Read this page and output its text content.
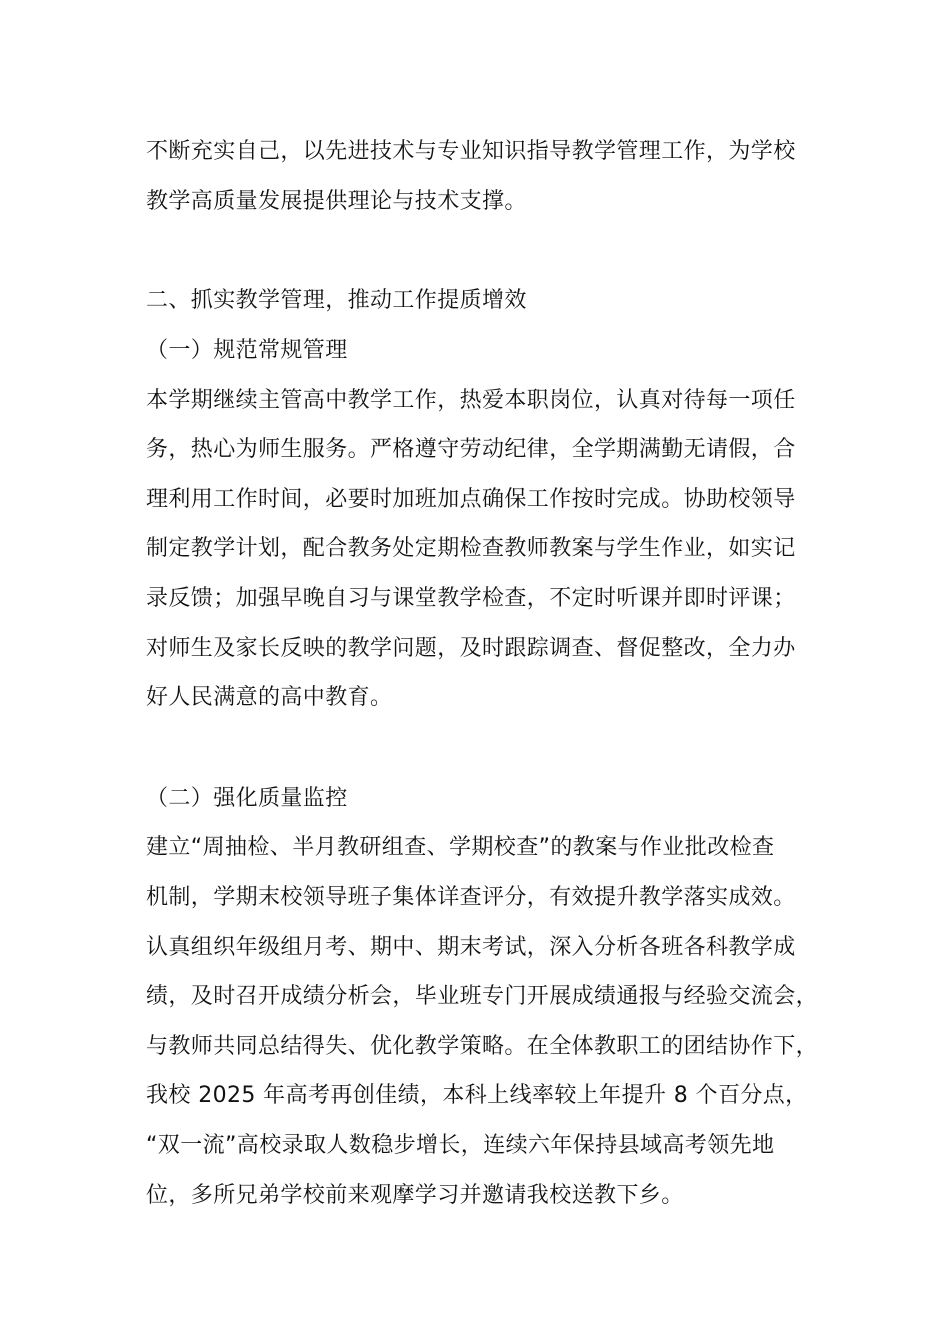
不断充实自己，以先进技术与专业知识指导教学管理工作，为学校
教学高质量发展提供理论与技术支撑。
二、抓实教学管理，推动工作提质增效
（一）规范常规管理
本学期继续主管高中教学工作，热爱本职岗位，认真对待每一项任
务，热心为师生服务。严格遵守劳动纪律，全学期满勤无请假，合
理利用工作时间，必要时加班加点确保工作按时完成。协助校领导
制定教学计划，配合教务处定期检查教师教案与学生作业，如实记
录反馈；加强早晚自习与课堂教学检查，不定时听课并即时评课；
对师生及家长反映的教学问题，及时跟踪调查、督促整改，全力办
好人民满意的高中教育。
（二）强化质量监控
建立“周抽检、半月教研组查、学期校查”的教案与作业批改检查
机制，学期末校领导班子集体详查评分，有效提升教学落实成效。
认真组织年级组月考、期中、期末考试，深入分析各班各科教学成
绩，及时召开成绩分析会，毕业班专门开展成绩通报与经验交流会，
与教师共同总结得失、优化教学策略。在全体教职工的团结协作下，
我校 2025 年高考再创佳绩，本科上线率较上年提升 8 个百分点，
“双一流”高校录取人数稳步增长，连续六年保持县域高考领先地
位，多所兄弟学校前来观摩学习并邀请我校送教下乡。
